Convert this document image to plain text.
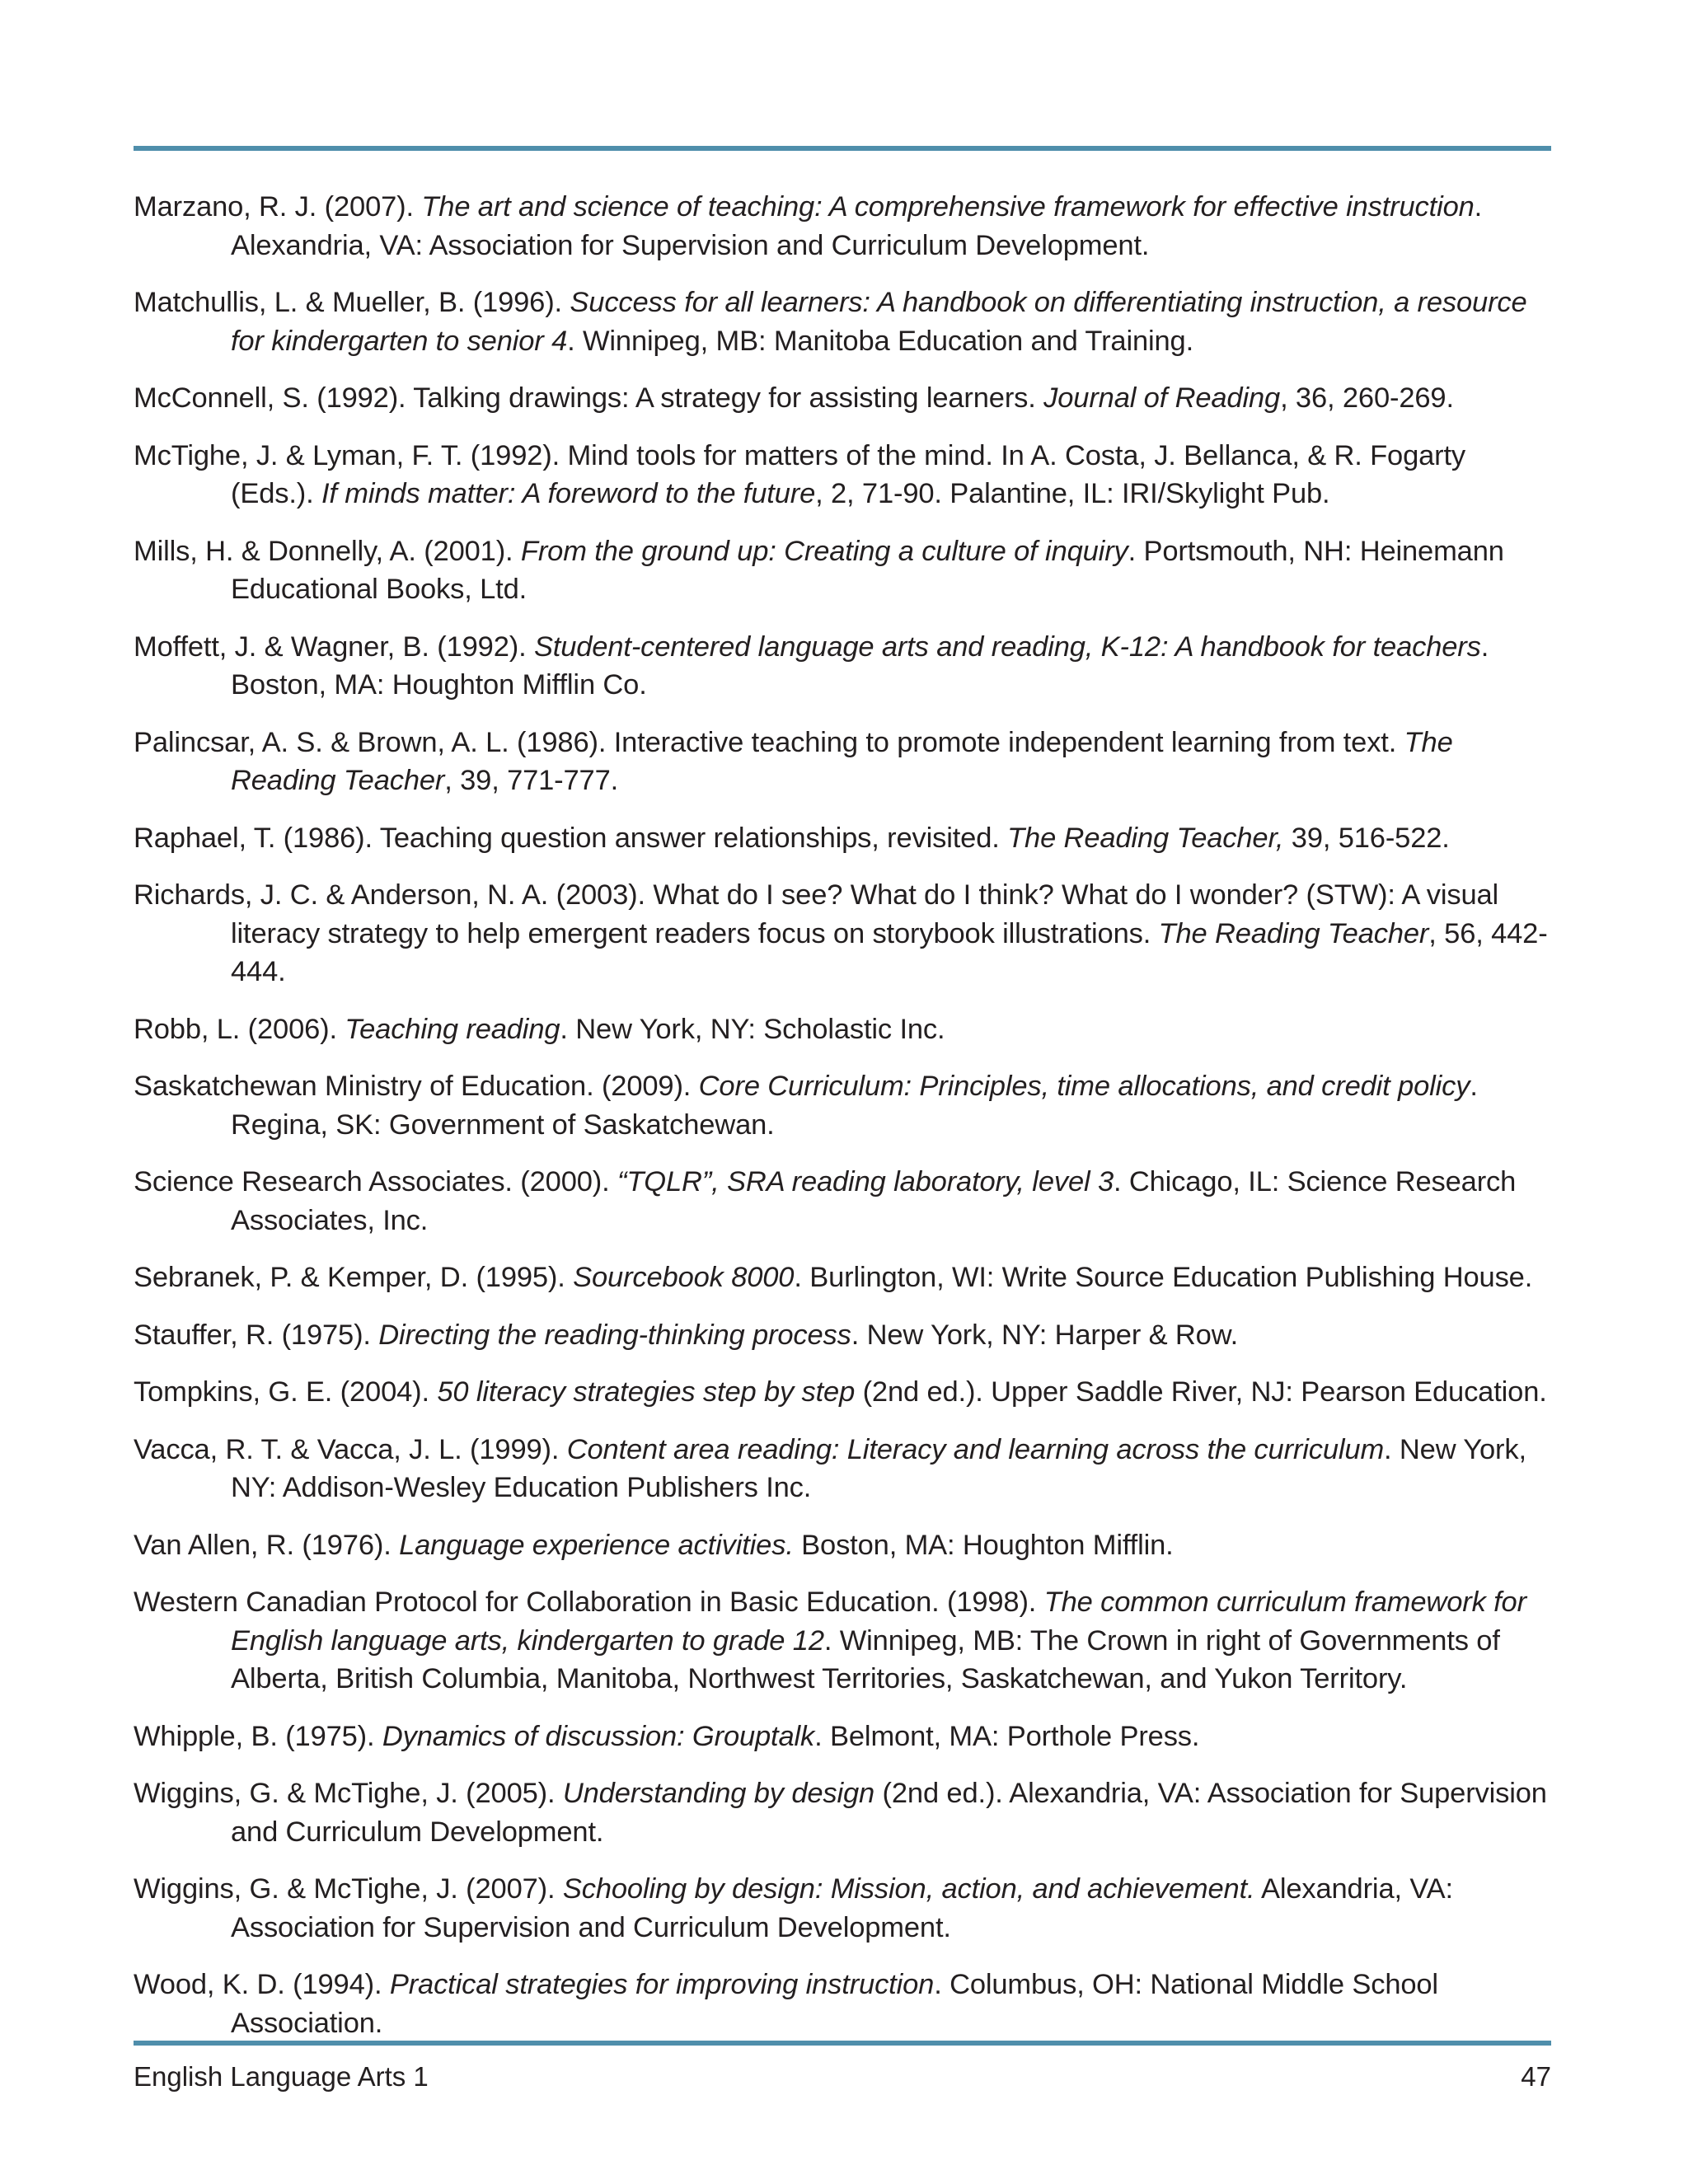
Marzano, R. J. (2007). The art and science of teaching: A comprehensive framework for effective instruction. Alexandria, VA: Association for Supervision and Curriculum Development.
Matchullis, L. & Mueller, B. (1996). Success for all learners: A handbook on differentiating instruction, a resource for kindergarten to senior 4. Winnipeg, MB: Manitoba Education and Training.
McConnell, S. (1992). Talking drawings: A strategy for assisting learners. Journal of Reading, 36, 260-269.
McTighe, J. & Lyman, F. T. (1992). Mind tools for matters of the mind. In A. Costa, J. Bellanca, & R. Fogarty (Eds.). If minds matter: A foreword to the future, 2, 71-90. Palantine, IL: IRI/Skylight Pub.
Mills, H. & Donnelly, A. (2001). From the ground up: Creating a culture of inquiry. Portsmouth, NH: Heinemann Educational Books, Ltd.
Moffett, J. & Wagner, B. (1992). Student-centered language arts and reading, K-12: A handbook for teachers. Boston, MA: Houghton Mifflin Co.
Palincsar, A. S. & Brown, A. L. (1986). Interactive teaching to promote independent learning from text. The Reading Teacher, 39, 771-777.
Raphael, T. (1986). Teaching question answer relationships, revisited. The Reading Teacher, 39, 516-522.
Richards, J. C. & Anderson, N. A. (2003). What do I see? What do I think? What do I wonder? (STW): A visual literacy strategy to help emergent readers focus on storybook illustrations. The Reading Teacher, 56, 442-444.
Robb, L. (2006). Teaching reading. New York, NY: Scholastic Inc.
Saskatchewan Ministry of Education. (2009). Core Curriculum: Principles, time allocations, and credit policy. Regina, SK: Government of Saskatchewan.
Science Research Associates. (2000). “TQLR”, SRA reading laboratory, level 3. Chicago, IL: Science Research Associates, Inc.
Sebranek, P. & Kemper, D. (1995). Sourcebook 8000. Burlington, WI: Write Source Education Publishing House.
Stauffer, R. (1975). Directing the reading-thinking process. New York, NY: Harper & Row.
Tompkins, G. E. (2004). 50 literacy strategies step by step (2nd ed.). Upper Saddle River, NJ: Pearson Education.
Vacca, R. T. & Vacca, J. L. (1999). Content area reading: Literacy and learning across the curriculum. New York, NY: Addison-Wesley Education Publishers Inc.
Van Allen, R. (1976). Language experience activities. Boston, MA: Houghton Mifflin.
Western Canadian Protocol for Collaboration in Basic Education. (1998). The common curriculum framework for English language arts, kindergarten to grade 12. Winnipeg, MB: The Crown in right of Governments of Alberta, British Columbia, Manitoba, Northwest Territories, Saskatchewan, and Yukon Territory.
Whipple, B. (1975). Dynamics of discussion: Grouptalk. Belmont, MA: Porthole Press.
Wiggins, G. & McTighe, J. (2005). Understanding by design (2nd ed.). Alexandria, VA: Association for Supervision and Curriculum Development.
Wiggins, G. & McTighe, J. (2007). Schooling by design: Mission, action, and achievement. Alexandria, VA: Association for Supervision and Curriculum Development.
Wood, K. D. (1994). Practical strategies for improving instruction. Columbus, OH: National Middle School Association.
English Language Arts 1	47
